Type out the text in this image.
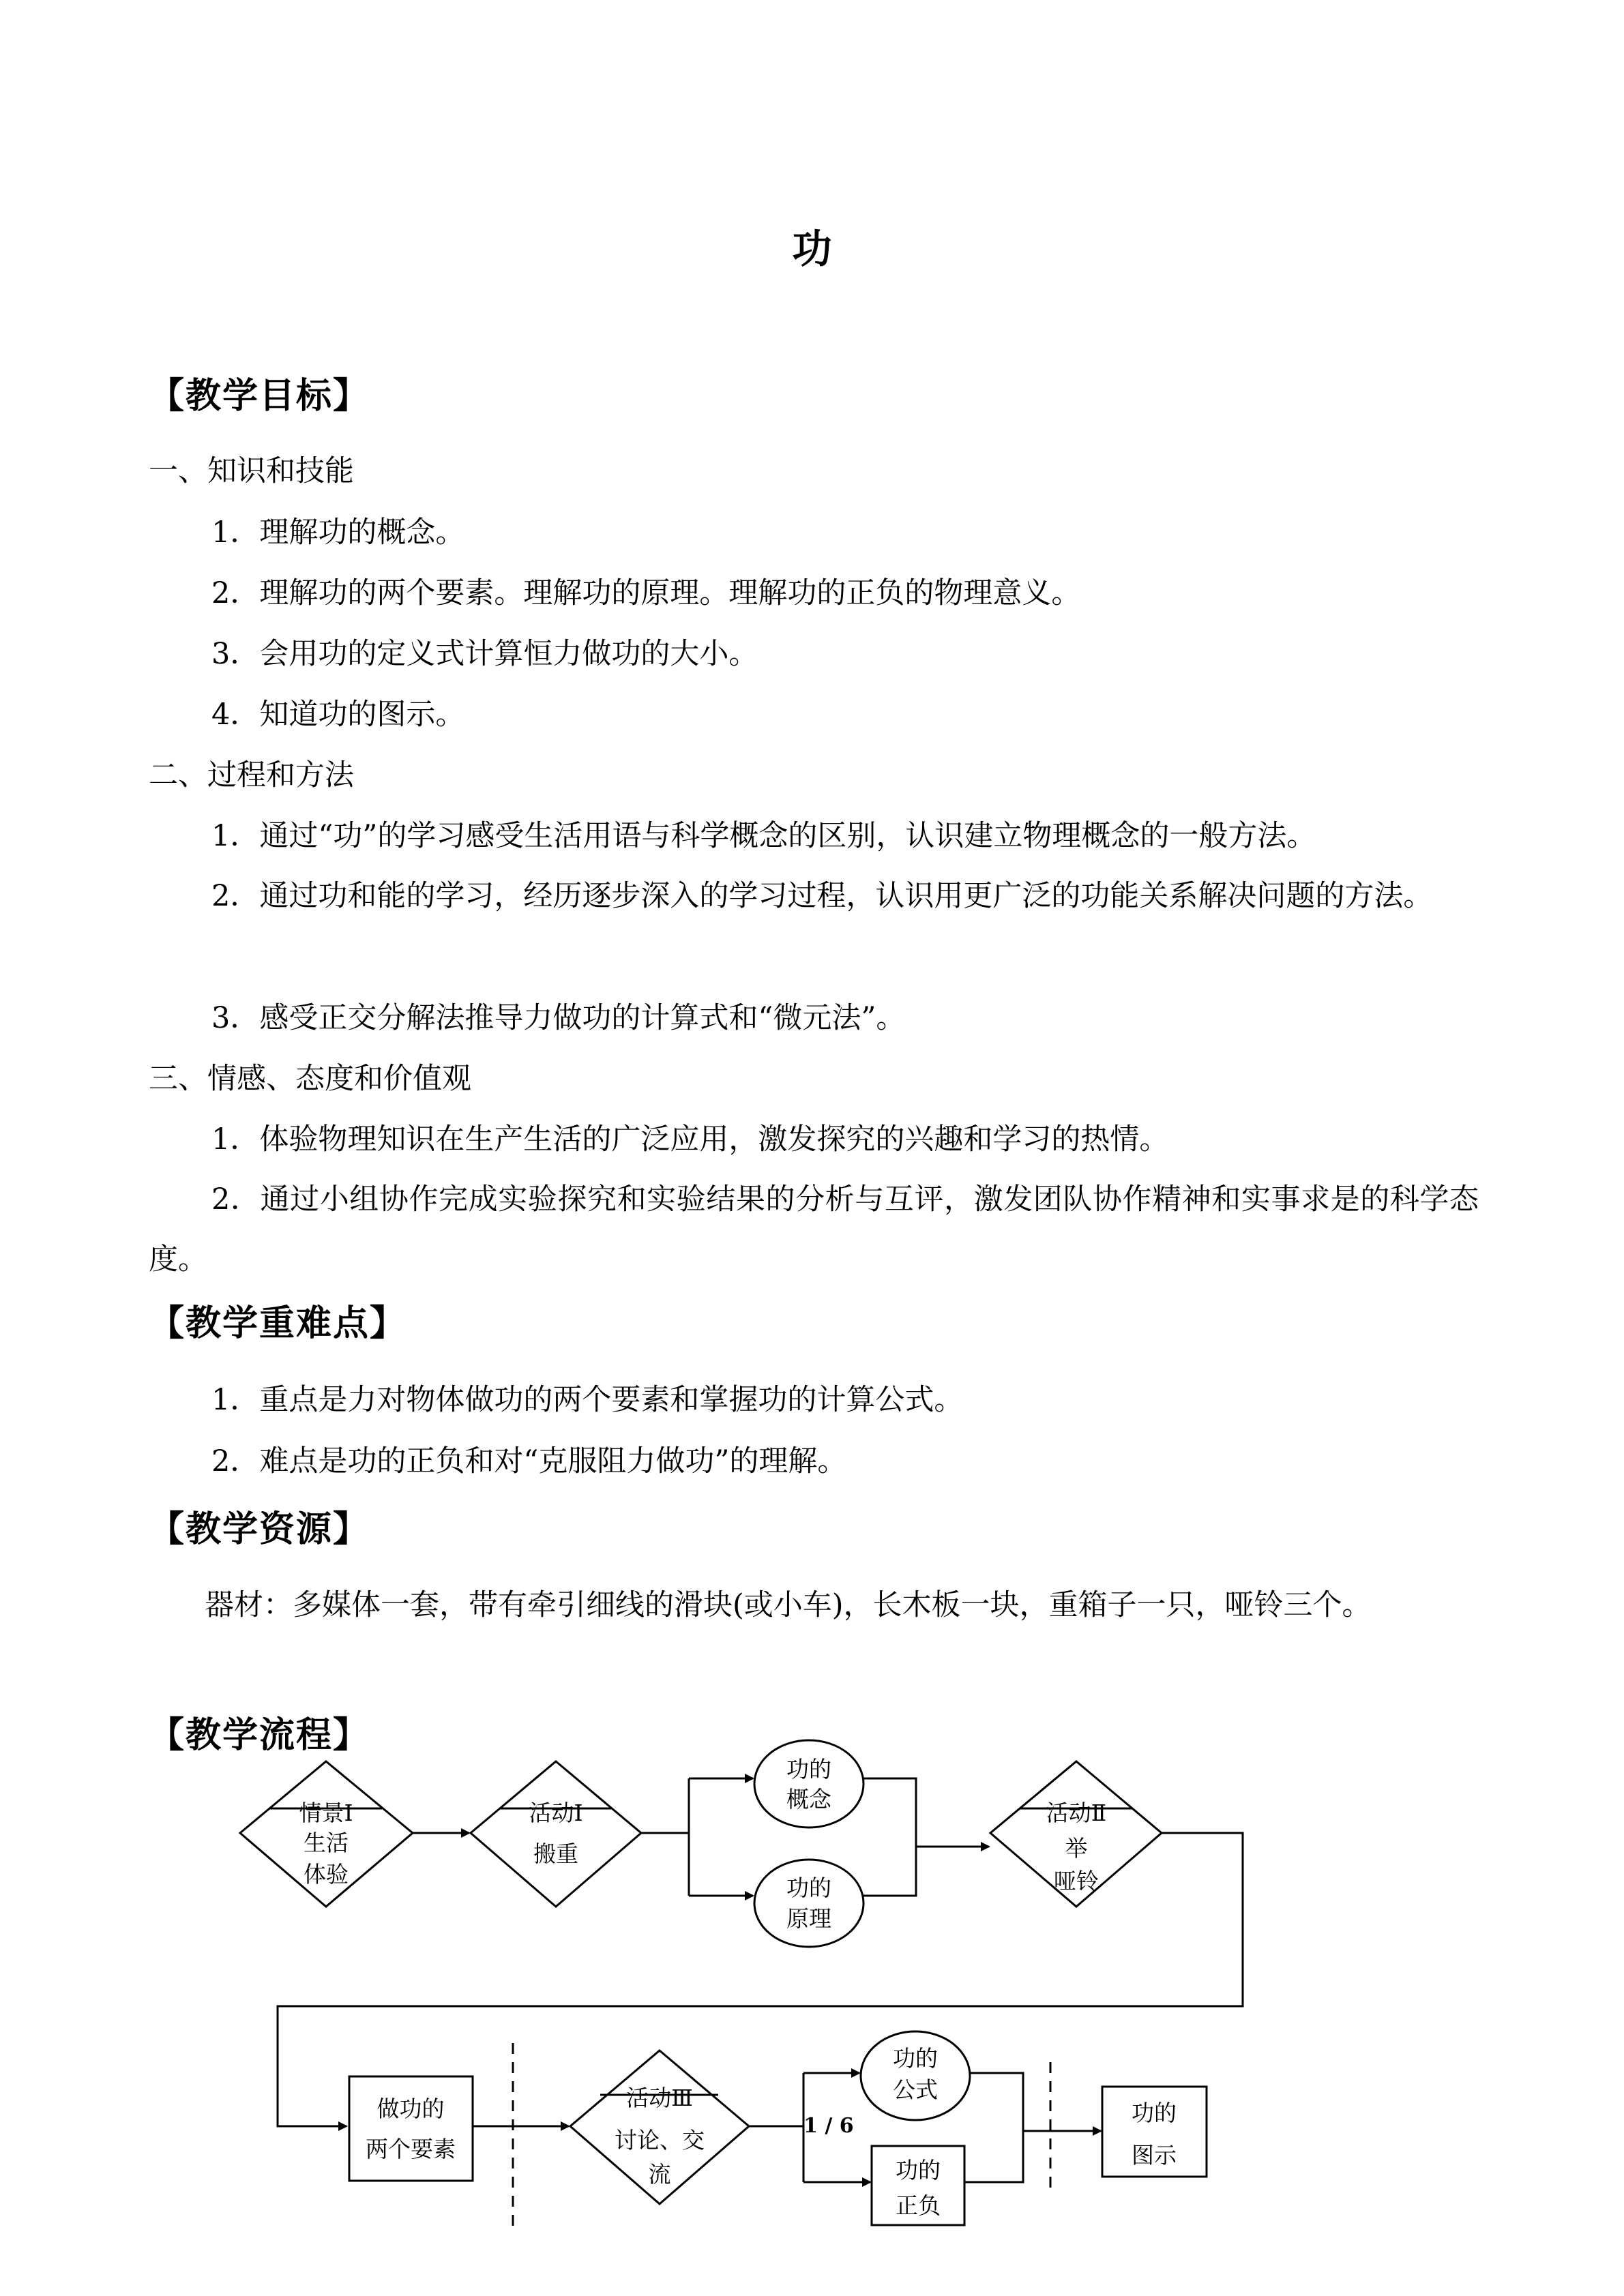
功
【教学目标】
一、知识和技能
1．理解功的概念。
2．理解功的两个要素。理解功的原理。理解功的正负的物理意义。
3．会用功的定义式计算恒力做功的大小。
4．知道功的图示。
二、过程和方法
1．通过“功”的学习感受生活用语与科学概念的区别，认识建立物理概念的一般方法。
2．通过功和能的学习，经历逐步深入的学习过程，认识用更广泛的功能关系解决问题的方法。
3．感受正交分解法推导力做功的计算式和“微元法”。
三、情感、态度和价值观
1．体验物理知识在生产生活的广泛应用，激发探究的兴趣和学习的热情。
2．通过小组协作完成实验探究和实验结果的分析与互评，激发团队协作精神和实事求是的科学态度。
【教学重难点】
1．重点是力对物体做功的两个要素和掌握功的计算公式。
2．难点是功的正负和对“克服阻力做功”的理解。
【教学资源】
器材：多媒体一套，带有牵引细线的滑块(或小车)，长木板一块，重箱子一只，哑铃三个。
【教学流程】
情景Ⅰ
生活
体验
活动Ⅰ
搬重
功的
概念
功的
原理
活动Ⅱ
举
哑铃
做功的
两个要素
活动Ⅲ
讨论、交
流
功的
公式
功的
正负
功的
图示
1 / 6
